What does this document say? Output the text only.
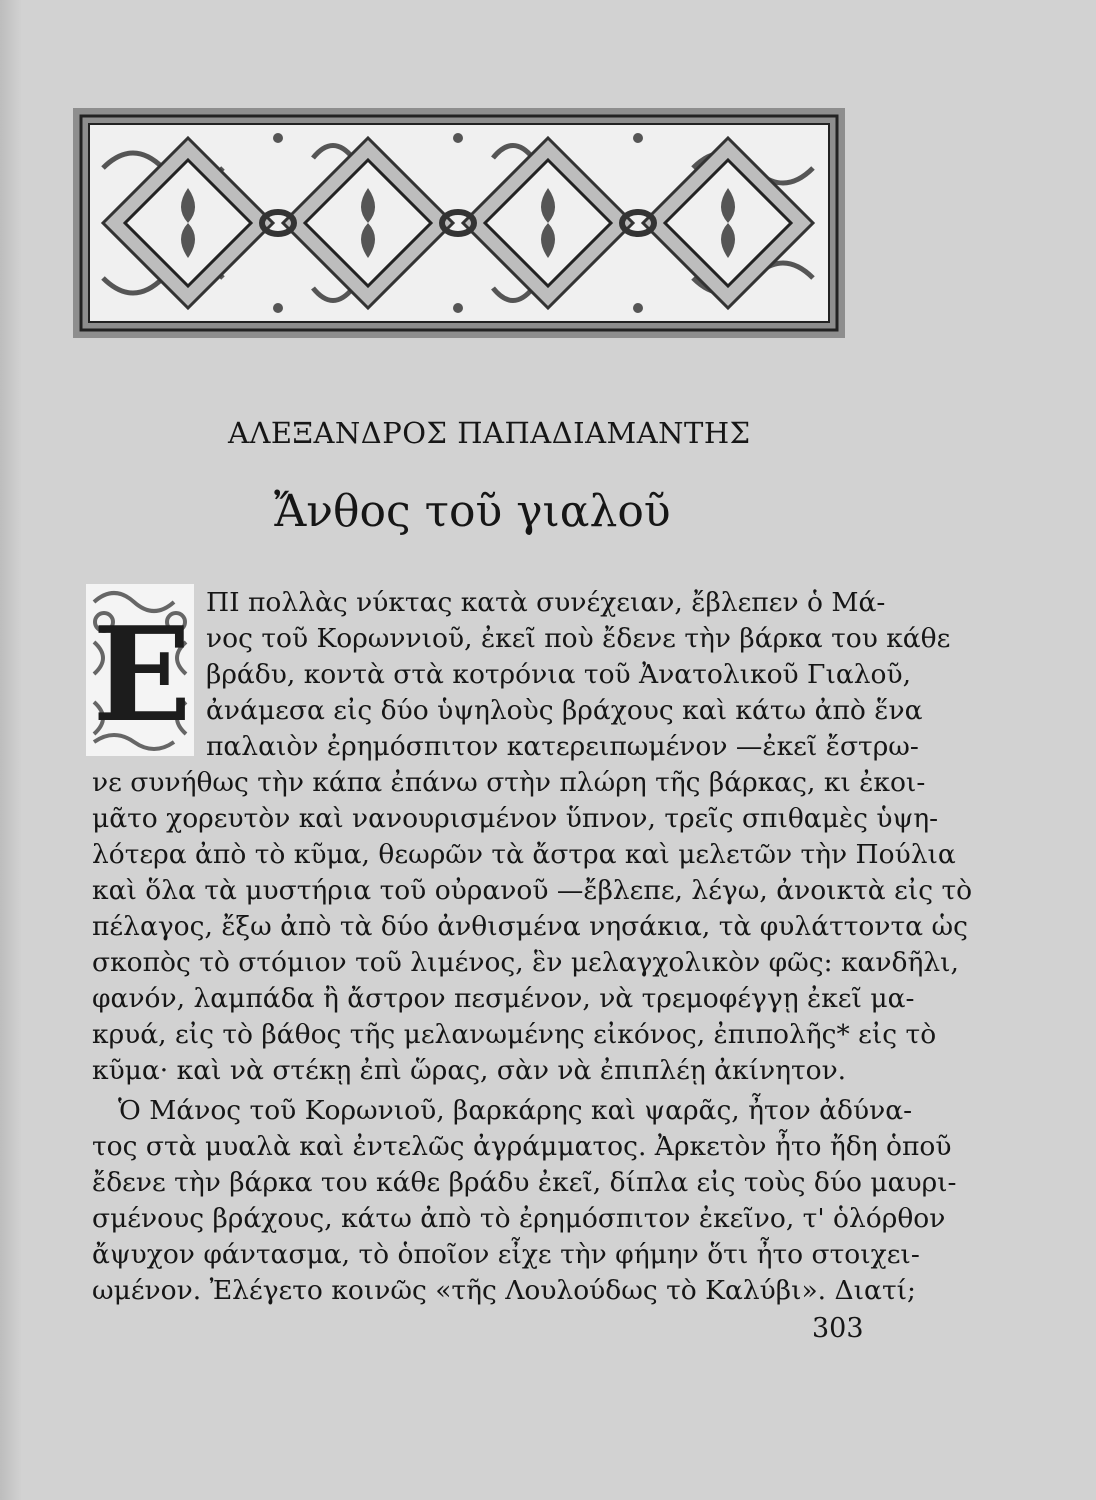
ΑΛΕΞΑΝΔΡΟΣ ΠΑΠΑΔΙΑΜΑΝΤΗΣ
Ἄνθος τοῦ γιαλοῦ
Ε ΠΙ πολλὰς νύκτας κατὰ συνέχειαν, ἔβλεπεν ὁ Μά-
νος τοῦ Κορωννιοῦ, ἐκεῖ ποὺ ἔδενε τὴν βάρκα του κάθε
βράδυ, κοντὰ στὰ κοτρόνια τοῦ Ἀνατολικοῦ Γιαλοῦ,
ἀνάμεσα εἰς δύο ὑψηλοὺς βράχους καὶ κάτω ἀπὸ ἕνα
παλαιὸν ἐρημόσπιτον κατερειπωμένον —ἐκεῖ ἔστρω-
νε συνήθως τὴν κάπα ἐπάνω στὴν πλώρη τῆς βάρκας, κι ἐκοι-
μᾶτο χορευτὸν καὶ νανουρισμένον ὕπνον, τρεῖς σπιθαμὲς ὑψη-
λότερα ἀπὸ τὸ κῦμα, θεωρῶν τὰ ἄστρα καὶ μελετῶν τὴν Πούλια
καὶ ὅλα τὰ μυστήρια τοῦ οὐρανοῦ —ἔβλεπε, λέγω, ἀνοικτὰ εἰς τὸ
πέλαγος, ἔξω ἀπὸ τὰ δύο ἀνθισμένα νησάκια, τὰ φυλάττοντα ὡς
σκοπὸς τὸ στόμιον τοῦ λιμένος, ἓν μελαγχολικὸν φῶς: κανδῆλι,
φανόν, λαμπάδα ἢ ἄστρον πεσμένον, νὰ τρεμοφέγγῃ ἐκεῖ μα-
κρυά, εἰς τὸ βάθος τῆς μελανωμένης εἰκόνος, ἐπιπολῆς* εἰς τὸ
κῦμα· καὶ νὰ στέκῃ ἐπὶ ὥρας, σὰν νὰ ἐπιπλέῃ ἀκίνητον.
Ὁ Μάνος τοῦ Κορωνιοῦ, βαρκάρης καὶ ψαρᾶς, ἦτον ἀδύνα-
τος στὰ μυαλὰ καὶ ἐντελῶς ἀγράμματος. Ἀρκετὸν ἦτο ἤδη ὁποῦ
ἔδενε τὴν βάρκα του κάθε βράδυ ἐκεῖ, δίπλα εἰς τοὺς δύο μαυρι-
σμένους βράχους, κάτω ἀπὸ τὸ ἐρημόσπιτον ἐκεῖνο, τ' ὁλόρθον
ἄψυχον φάντασμα, τὸ ὁποῖον εἶχε τὴν φήμην ὅτι ἦτο στοιχει-
ωμένον. Ἐλέγετο κοινῶς «τῆς Λουλούδως τὸ Καλύβι». Διατί;
303
